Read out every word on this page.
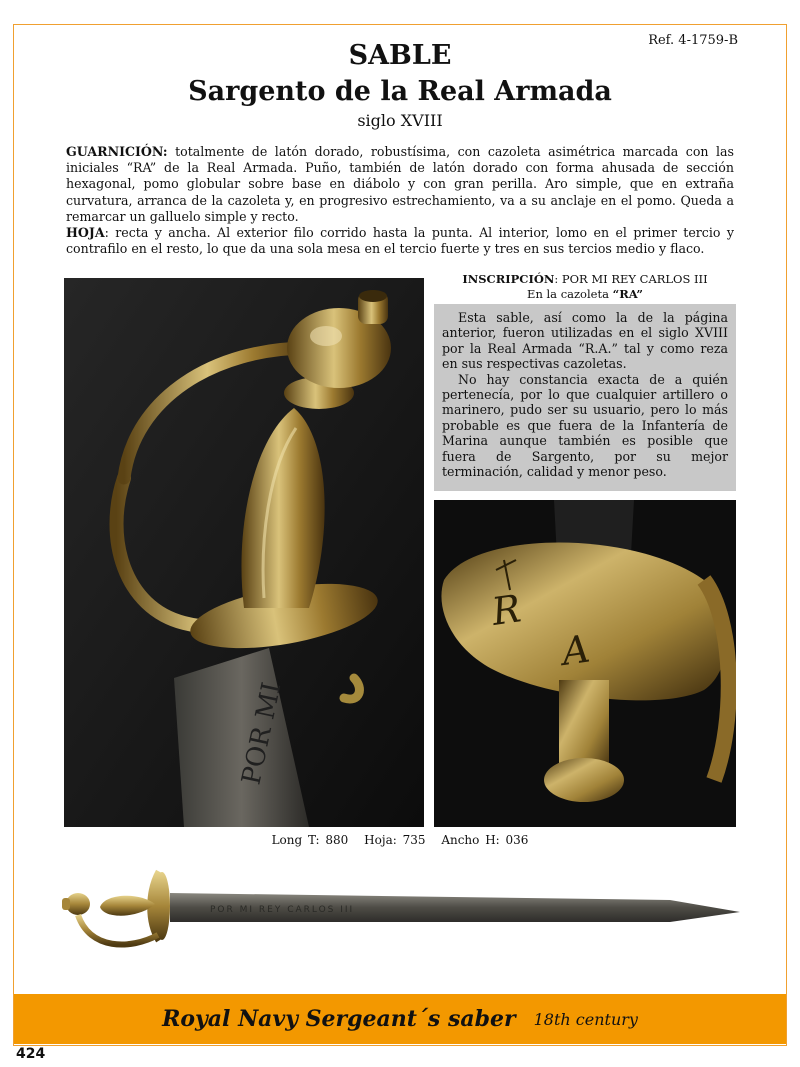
Ref. 4-1759-B
SABLE
Sargento de la Real Armada
siglo XVIII

GUARNICIÓN: totalmente de latón dorado, robustísima, con cazoleta asimétrica marcada con las iniciales “RA” de la Real Armada. Puño, también de latón dorado con forma ahusada de sección hexagonal, pomo globular sobre base en diábolo y con gran perilla. Aro simple, que en extraña curvatura, arranca de la cazoleta y, en progresivo estrechamiento, va a su anclaje en el pomo. Queda a remarcar un galluelo simple y recto.

HOJA: recta y ancha. Al exterior filo corrido hasta la punta. Al interior, lomo en el primer tercio y contrafilo en el resto, lo que da una sola mesa en el tercio fuerte y tres en sus tercios medio y flaco.

POR MI
INSCRIPCIÓN: POR MI REY CARLOS III
En la cazoleta “RA”

Esta sable, así como la de la página anterior, fueron utilizadas en el siglo XVIII por la Real Armada “R.A.” tal y como reza en sus respectivas cazoletas.

No hay constancia exacta de a quién pertenecía, por lo que cualquier artillero o marinero, pudo ser su usuario, pero lo más probable es que fuera de la Infantería de Marina aunque también es posible que fuera de Sargento, por su mejor terminación, calidad y menor peso.

R
A
Long T: 880 Hoja: 735 Ancho H: 036
POR MI REY CARLOS III
Royal Navy Sergeant´s saber 18th century
424
